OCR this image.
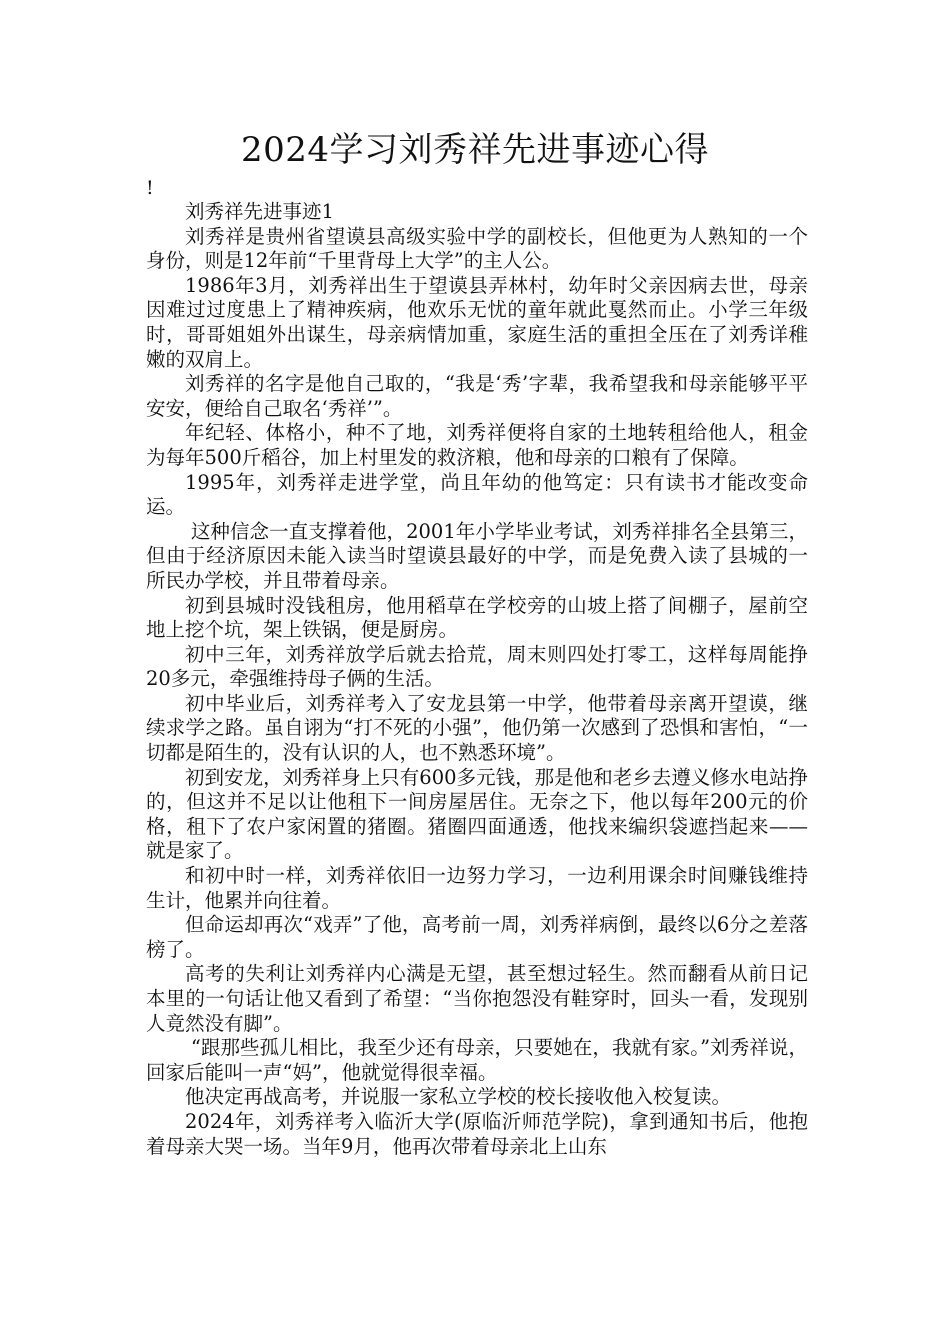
2024学习刘秀祥先进事迹心得
!

刘秀祥先进事迹1

刘秀祥是贵州省望谟县高级实验中学的副校长，但他更为人熟知的一个身份，则是12年前“千里背母上大学”的主人公。

1986年3月，刘秀祥出生于望谟县弄林村，幼年时父亲因病去世，母亲因难过过度患上了精神疾病，他欢乐无忧的童年就此戛然而止。小学三年级时，哥哥姐姐外出谋生，母亲病情加重，家庭生活的重担全压在了刘秀详稚嫩的双肩上。

刘秀祥的名字是他自己取的，“我是‘秀’字辈，我希望我和母亲能够平平安安，便给自己取名‘秀祥’”。

年纪轻、体格小，种不了地，刘秀祥便将自家的土地转租给他人，租金为每年500斤稻谷，加上村里发的救济粮，他和母亲的口粮有了保障。

1995年，刘秀祥走进学堂，尚且年幼的他笃定：只有读书才能改变命运。

这种信念一直支撑着他，2001年小学毕业考试，刘秀祥排名全县第三，但由于经济原因未能入读当时望谟县最好的中学，而是免费入读了县城的一所民办学校，并且带着母亲。

初到县城时没钱租房，他用稻草在学校旁的山坡上搭了间棚子，屋前空地上挖个坑，架上铁锅，便是厨房。

初中三年，刘秀祥放学后就去拾荒，周末则四处打零工，这样每周能挣20多元，牵强维持母子俩的生活。

初中毕业后，刘秀祥考入了安龙县第一中学，他带着母亲离开望谟，继续求学之路。虽自诩为“打不死的小强”，他仍第一次感到了恐惧和害怕，“一切都是陌生的，没有认识的人，也不熟悉环境”。

初到安龙，刘秀祥身上只有600多元钱，那是他和老乡去遵义修水电站挣的，但这并不足以让他租下一间房屋居住。无奈之下，他以每年200元的价格，租下了农户家闲置的猪圈。猪圈四面通透，他找来编织袋遮挡起来——就是家了。

和初中时一样，刘秀祥依旧一边努力学习，一边利用课余时间赚钱维持生计，他累并向往着。

但命运却再次“戏弄”了他，高考前一周，刘秀祥病倒，最终以6分之差落榜了。

高考的失利让刘秀祥内心满是无望，甚至想过轻生。然而翻看从前日记本里的一句话让他又看到了希望：“当你抱怨没有鞋穿时，回头一看，发现别人竟然没有脚”。

“跟那些孤儿相比，我至少还有母亲，只要她在，我就有家。”刘秀祥说，回家后能叫一声“妈”，他就觉得很幸福。

他决定再战高考，并说服一家私立学校的校长接收他入校复读。

2024年，刘秀祥考入临沂大学(原临沂师范学院)，拿到通知书后，他抱着母亲大哭一场。当年9月，他再次带着母亲北上山东
